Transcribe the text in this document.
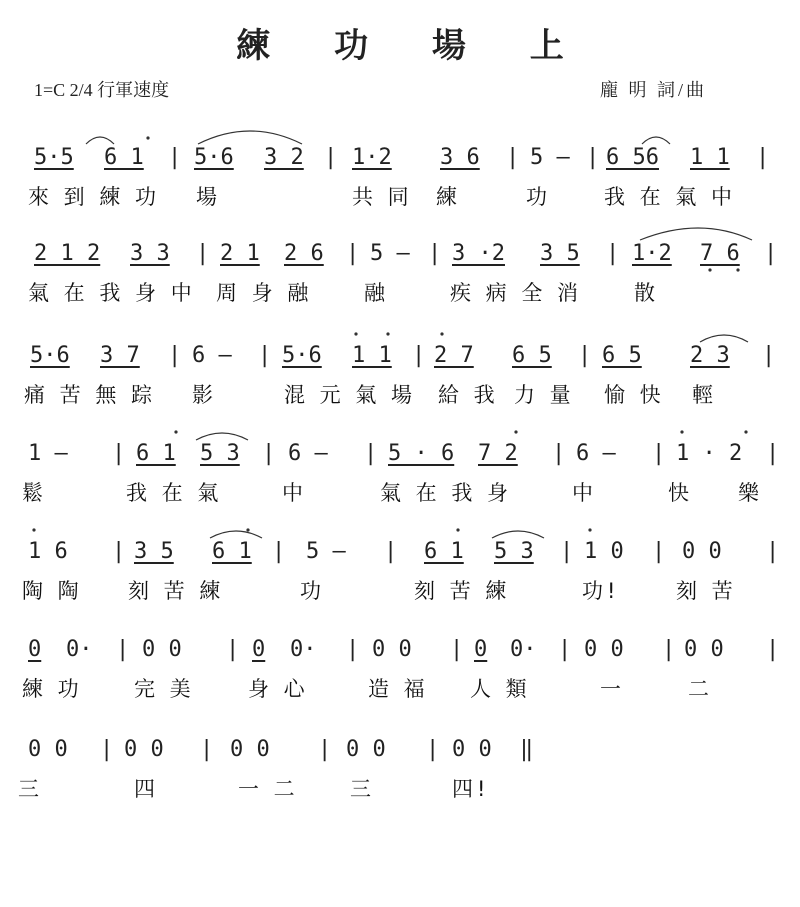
練 功 場 上
1=C 2/4 行軍速度	龐 明 詞/曲
5·5 6 1 | 5·6 3 2 | 1·2 3 6 | 5 — | 6 56 1 1 |
來 到 練 功 場	共 同 練	功	我 在 氣 中
2 1 2 3 3 | 2 1 2 6 | 5 — | 3 ·2 3 5 | 1·2 7 6 |
氣 在 我 身 中 周 身 融 融	疾 病 全 消 散
5·6 3 7 | 6 — | 5·6 1 1 | 2 7 6 5 | 6 5 2 3 |
痛 苦 無 踪 影	混 元 氣 場 給 我 力 量 愉 快 輕
1 — | 6 1 5 3 | 6 — | 5 · 6 7 2 | 6 — | 1 · 2 |
鬆	我 在 氣	中	氣 在 我 身	中	快 樂
1 6 | 3 5 6 1 | 5 — | 6 1 5 3 | 1 0 | 0 0 |
陶 陶 刻 苦 練	功	刻 苦 練	功!	刻 苦
0 0· | 0 0 | 0 0· | 0 0 | 0 0· | 0 0 | 0 0 |
練 功 完 美	身 心	造 福 人 類	一	二
0 0 | 0 0 | 0 0 | 0 0 | 0 0 ‖
三	四	一 二 三	四!
